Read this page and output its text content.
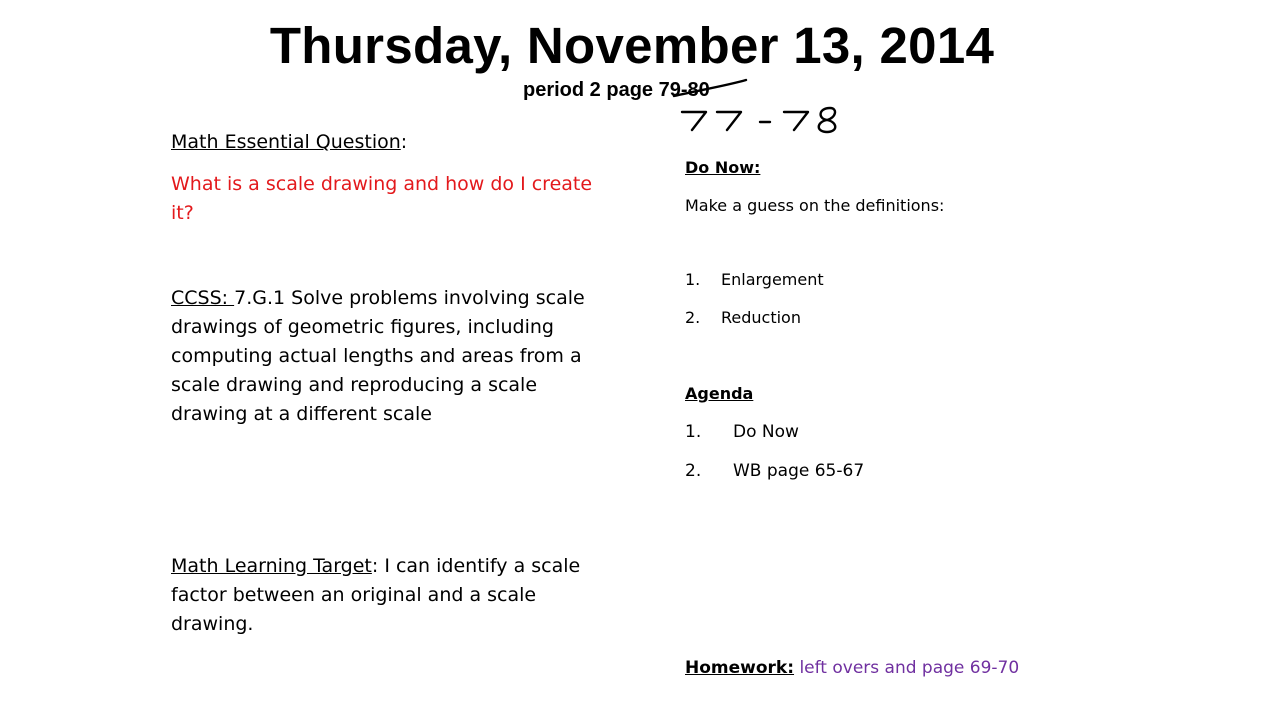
Thursday, November 13, 2014
period 2 page 79-80

Math Essential Question:

What is a scale drawing and how do I create it?

CCSS: 7.G.1 Solve problems involving scale drawings of geometric figures, including computing actual lengths and areas from a scale drawing and reproducing a scale drawing at a different scale

Math Learning Target: I can identify a scale factor between an original and a scale drawing.

Do Now:
Make a guess on the definitions:
1. Enlargement
2. Reduction
Agenda
1. Do Now
2. WB page 65-67
Homework: left overs and page 69-70
